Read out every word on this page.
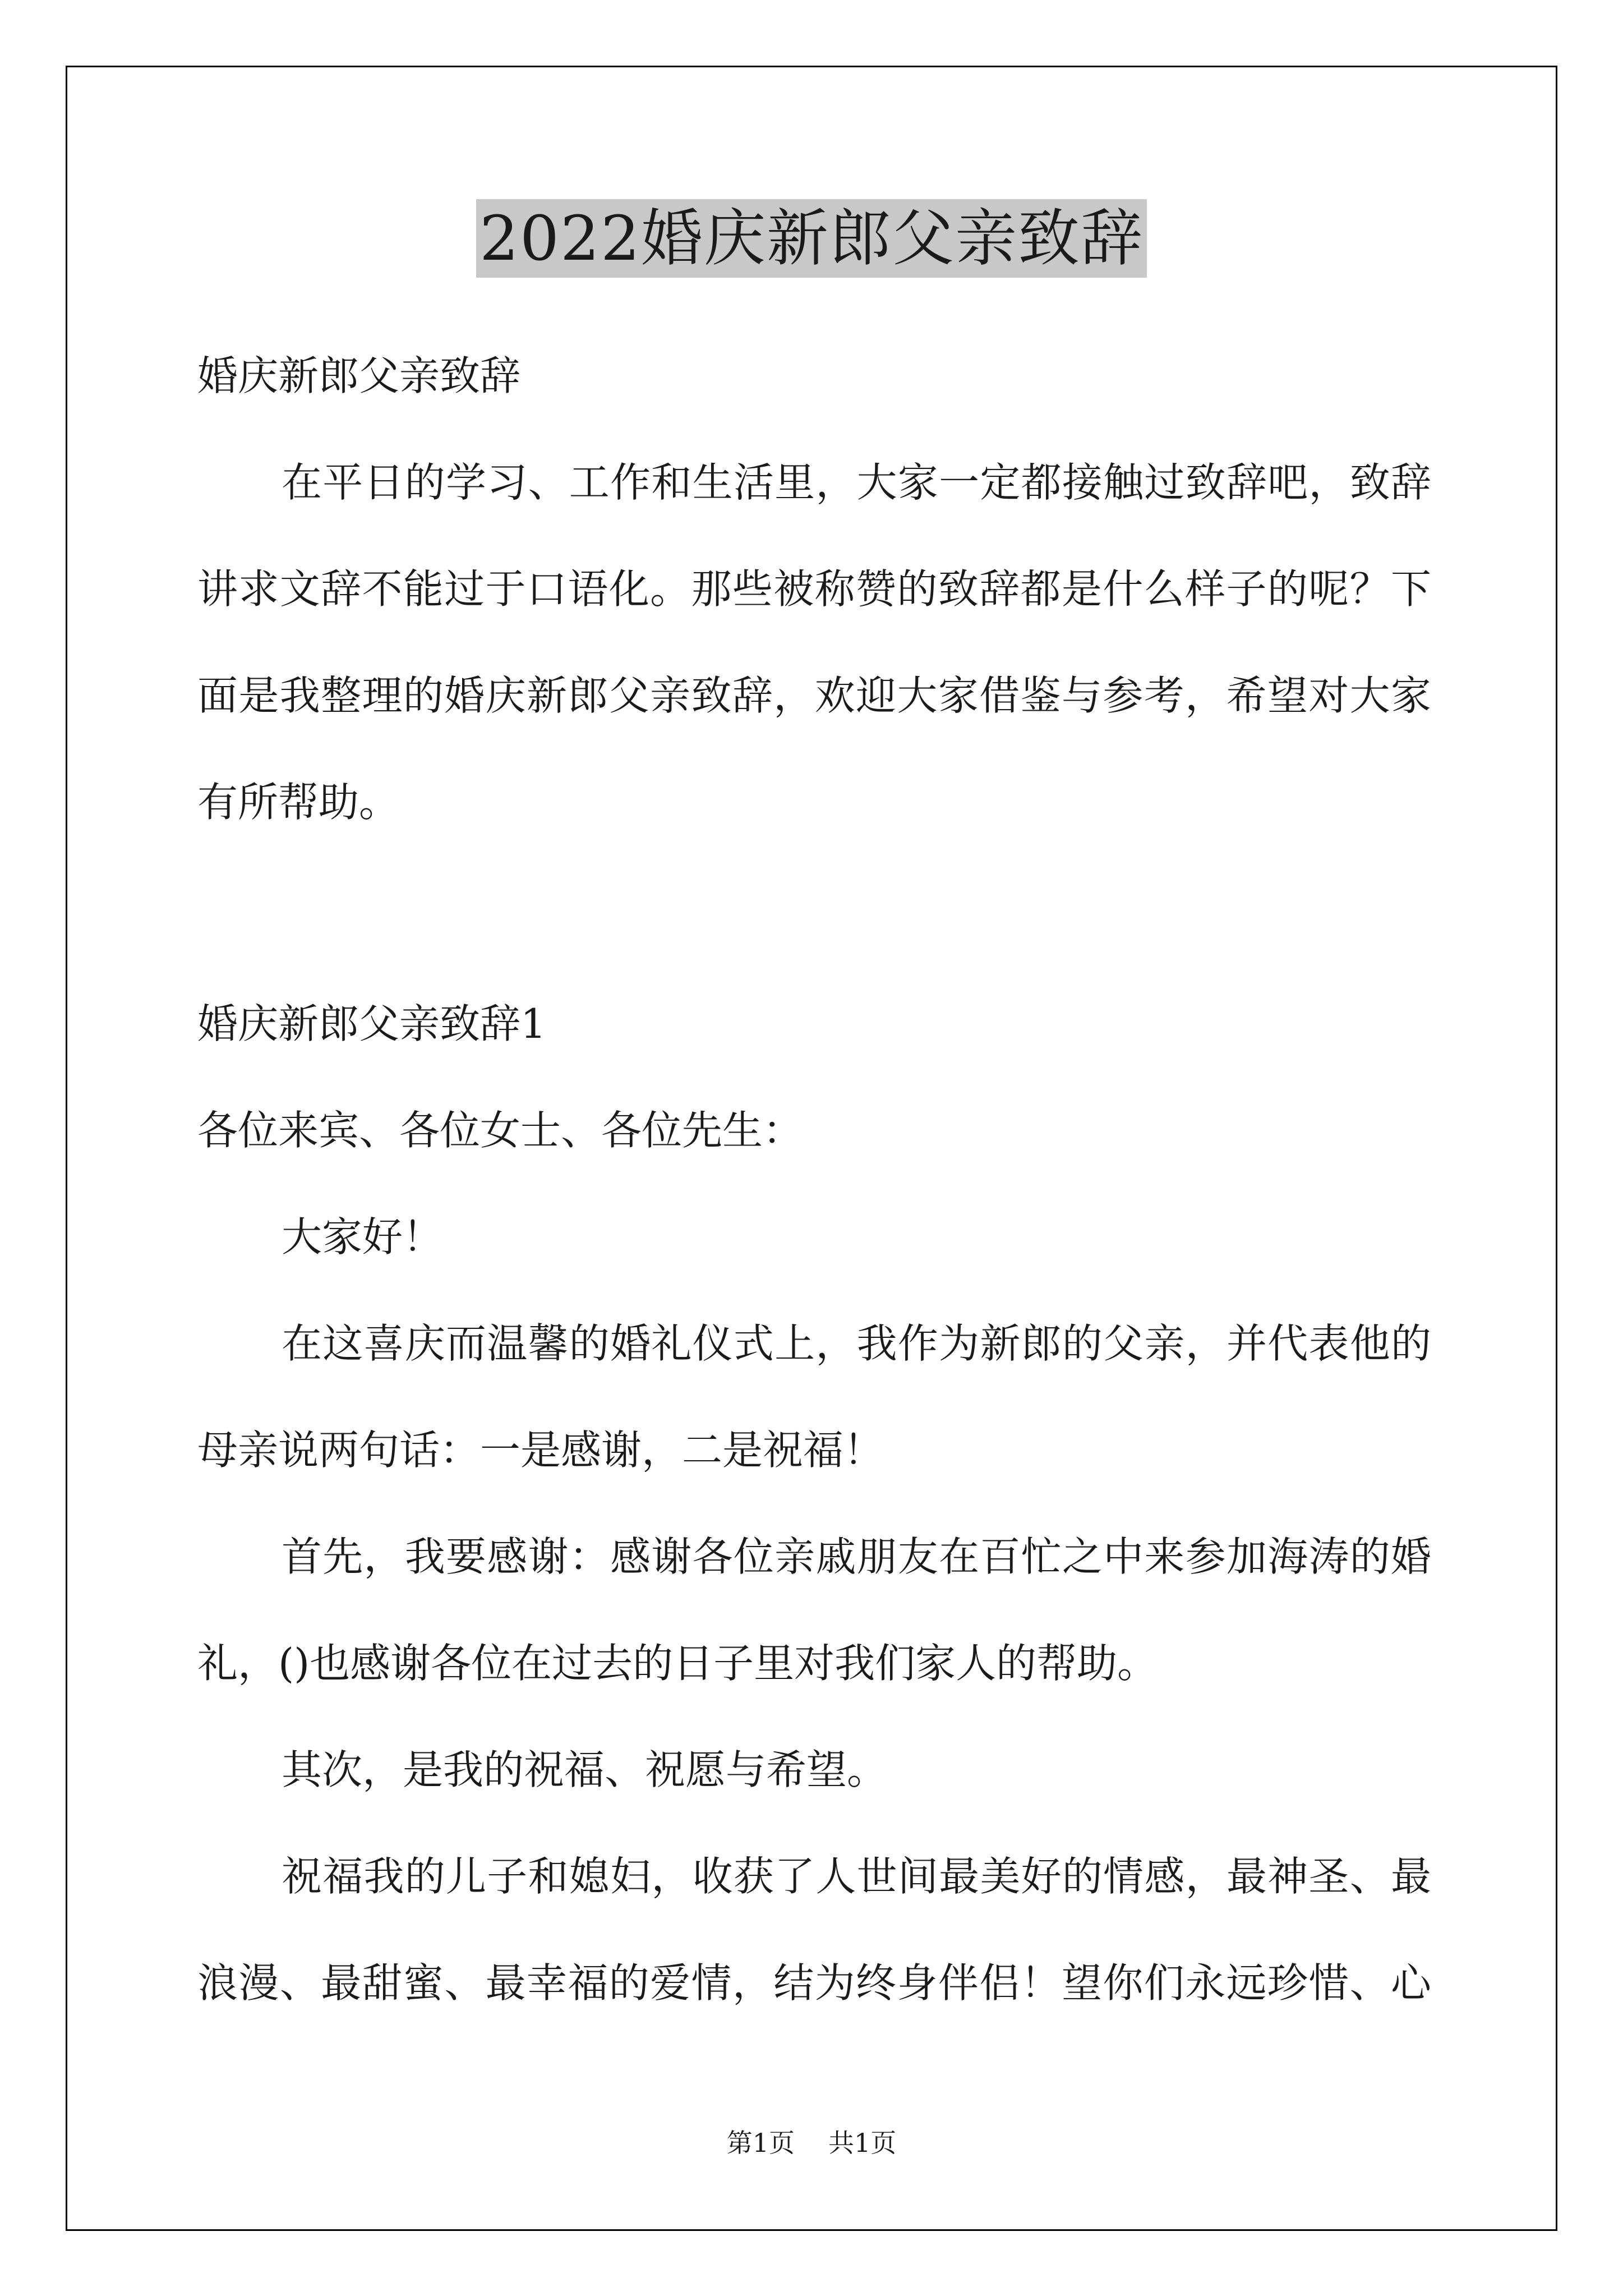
2022婚庆新郎父亲致辞
婚庆新郎父亲致辞
在平日的学习、工作和生活里，大家一定都接触过致辞吧，致辞
讲求文辞不能过于口语化。那些被称赞的致辞都是什么样子的呢？下
面是我整理的婚庆新郎父亲致辞，欢迎大家借鉴与参考，希望对大家
有所帮助。
婚庆新郎父亲致辞1
各位来宾、各位女士、各位先生：
大家好！
在这喜庆而温馨的婚礼仪式上，我作为新郎的父亲，并代表他的
母亲说两句话：一是感谢，二是祝福！
首先，我要感谢：感谢各位亲戚朋友在百忙之中来参加海涛的婚
礼，()也感谢各位在过去的日子里对我们家人的帮助。
其次，是我的祝福、祝愿与希望。
祝福我的儿子和媳妇，收获了人世间最美好的情感，最神圣、最
浪漫、最甜蜜、最幸福的爱情，结为终身伴侣！望你们永远珍惜、心
第1页 共1页
